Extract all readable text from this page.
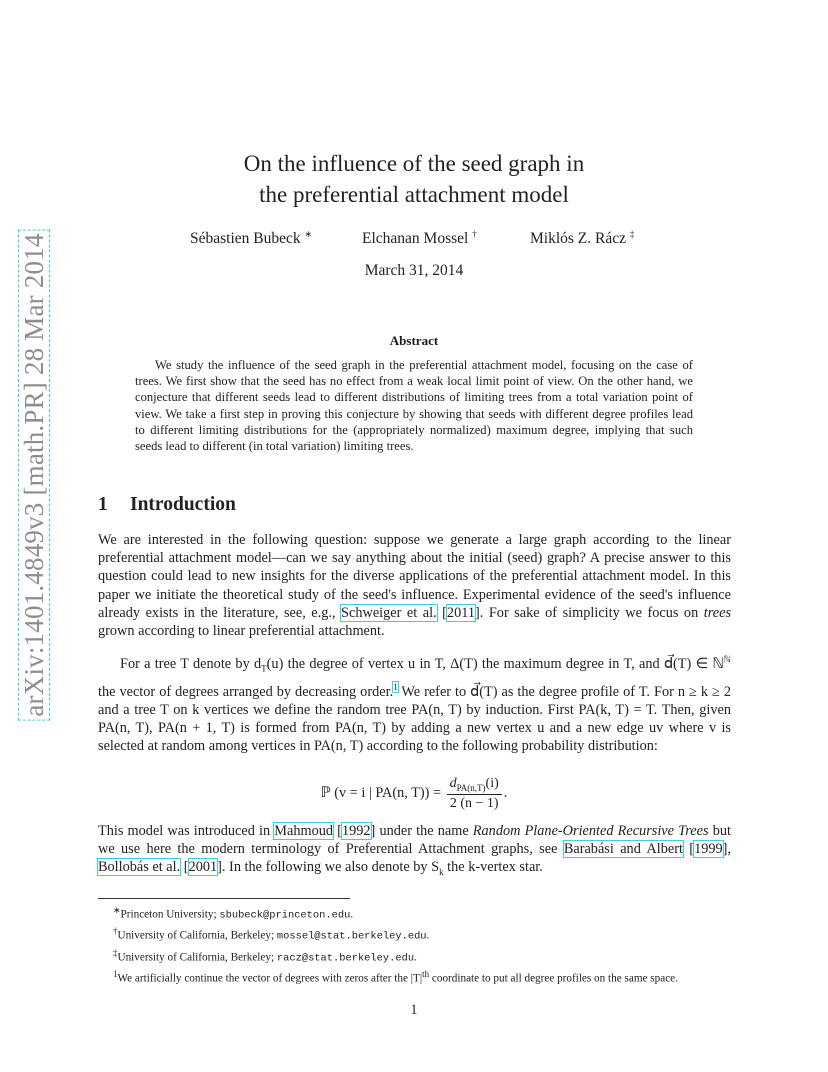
arXiv:1401.4849v3 [math.PR] 28 Mar 2014
On the influence of the seed graph in
the preferential attachment model
Sébastien Bubeck ∗	Elchanan Mossel †	Miklós Z. Rácz ‡
March 31, 2014
Abstract
We study the influence of the seed graph in the preferential attachment model, focusing on the case of trees. We first show that the seed has no effect from a weak local limit point of view. On the other hand, we conjecture that different seeds lead to different distributions of limiting trees from a total variation point of view. We take a first step in proving this conjecture by showing that seeds with different degree profiles lead to different limiting distributions for the (appropriately normalized) maximum degree, implying that such seeds lead to different (in total variation) limiting trees.
1 Introduction
We are interested in the following question: suppose we generate a large graph according to the linear preferential attachment model—can we say anything about the initial (seed) graph? A precise answer to this question could lead to new insights for the diverse applications of the preferential attachment model. In this paper we initiate the theoretical study of the seed's influence. Experimental evidence of the seed's influence already exists in the literature, see, e.g., Schweiger et al. [2011]. For sake of simplicity we focus on trees grown according to linear preferential attachment.
For a tree T denote by $d_T(u)$ the degree of vertex u in T, Δ(T) the maximum degree in T, and d⃗(T) ∈ ℕ$^ℕ$ the vector of degrees arranged by decreasing order.$^1$ We refer to d⃗(T) as the degree profile of T. For n ≥ k ≥ 2 and a tree T on k vertices we define the random tree PA(n, T) by induction. First PA(k, T) = T. Then, given PA(n, T), PA(n + 1, T) is formed from PA(n, T) by adding a new vertex u and a new edge uv where v is selected at random among vertices in PA(n, T) according to the following probability distribution:
ℙ (v = i | PA(n, $T)) = \frac{d_{PA(n,T)}(i)}{2 (n - 1)}$ .
This model was introduced in Mahmoud [1992] under the name Random Plane-Oriented Recursive Trees but we use here the modern terminology of Preferential Attachment graphs, see Barabási and Albert [1999], Bollobás et al. [2001]. In the following we also denote by $S_k$ the k-vertex star.
∗Princeton University; sbubeck@princeton.edu.
†University of California, Berkeley; mossel@stat.berkeley.edu.
‡University of California, Berkeley; racz@stat.berkeley.edu.
$^1$We artificially continue the vector of degrees with zeros after the $|T|^{th}$ coordinate to put all degree profiles on the same space.
1
